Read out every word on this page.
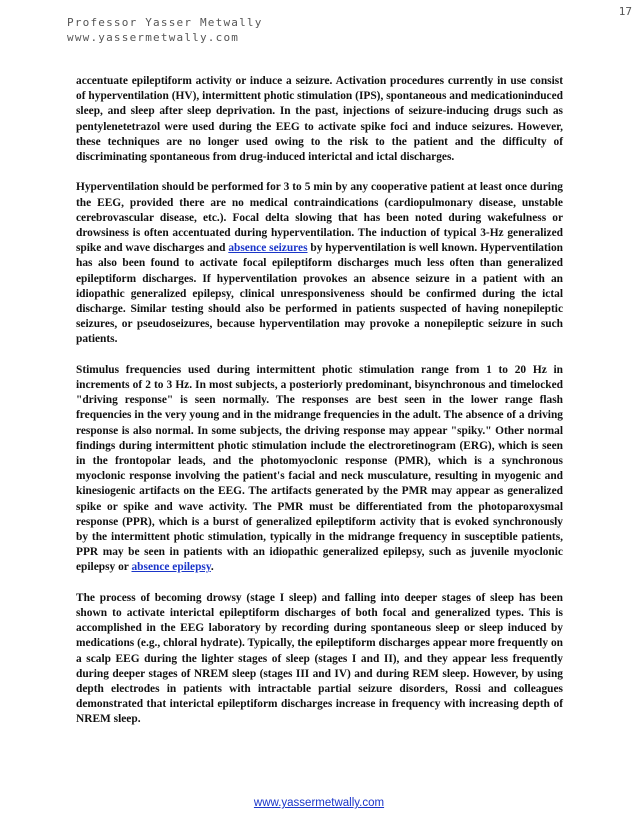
17
Professor Yasser Metwally
www.yassermetwally.com

accentuate epileptiform activity or induce a seizure. Activation procedures currently in use consist of hyperventilation (HV), intermittent photic stimulation (IPS), spontaneous and medicationinduced sleep, and sleep after sleep deprivation. In the past, injections of seizure-inducing drugs such as pentylenetetrazol were used during the EEG to activate spike foci and induce seizures. However, these techniques are no longer used owing to the risk to the patient and the difficulty of discriminating spontaneous from drug-induced interictal and ictal discharges.

Hyperventilation should be performed for 3 to 5 min by any cooperative patient at least once during the EEG, provided there are no medical contraindications (cardiopulmonary disease, unstable cerebrovascular disease, etc.). Focal delta slowing that has been noted during wakefulness or drowsiness is often accentuated during hyperventilation. The induction of typical 3-Hz generalized spike and wave discharges and absence seizures by hyperventilation is well known. Hyperventilation has also been found to activate focal epileptiform discharges much less often than generalized epileptiform discharges. If hyperventilation provokes an absence seizure in a patient with an idiopathic generalized epilepsy, clinical unresponsiveness should be confirmed during the ictal discharge. Similar testing should also be performed in patients suspected of having nonepileptic seizures, or pseudoseizures, because hyperventilation may provoke a nonepileptic seizure in such patients.

Stimulus frequencies used during intermittent photic stimulation range from 1 to 20 Hz in increments of 2 to 3 Hz. In most subjects, a posteriorly predominant, bisynchronous and timelocked "driving response" is seen normally. The responses are best seen in the lower range flash frequencies in the very young and in the midrange frequencies in the adult. The absence of a driving response is also normal. In some subjects, the driving response may appear "spiky." Other normal findings during intermittent photic stimulation include the electroretinogram (ERG), which is seen in the frontopolar leads, and the photomyoclonic response (PMR), which is a synchronous myoclonic response involving the patient's facial and neck musculature, resulting in myogenic and kinesiogenic artifacts on the EEG. The artifacts generated by the PMR may appear as generalized spike or spike and wave activity. The PMR must be differentiated from the photoparoxysmal response (PPR), which is a burst of generalized epileptiform activity that is evoked synchronously by the intermittent photic stimulation, typically in the midrange frequency in susceptible patients, PPR may be seen in patients with an idiopathic generalized epilepsy, such as juvenile myoclonic epilepsy or absence epilepsy.

The process of becoming drowsy (stage I sleep) and falling into deeper stages of sleep has been shown to activate interictal epileptiform discharges of both focal and generalized types. This is accomplished in the EEG laboratory by recording during spontaneous sleep or sleep induced by medications (e.g., chloral hydrate). Typically, the epileptiform discharges appear more frequently on a scalp EEG during the lighter stages of sleep (stages I and II), and they appear less frequently during deeper stages of NREM sleep (stages III and IV) and during REM sleep. However, by using depth electrodes in patients with intractable partial seizure disorders, Rossi and colleagues demonstrated that interictal epileptiform discharges increase in frequency with increasing depth of NREM sleep.

www.yassermetwally.com
